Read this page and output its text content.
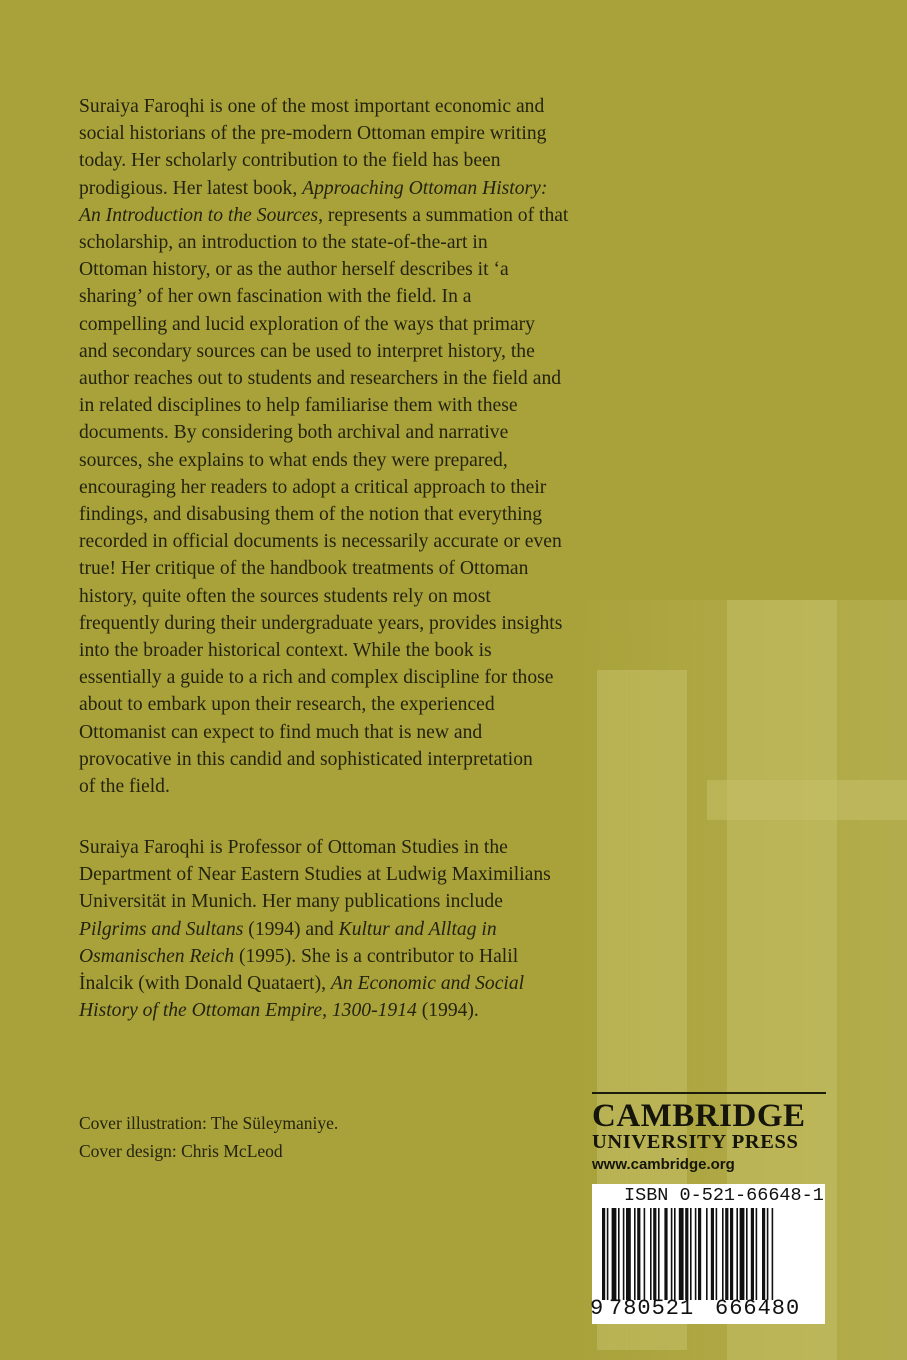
Suraiya Faroqhi is one of the most important economic and
social historians of the pre-modern Ottoman empire writing
today. Her scholarly contribution to the field has been
prodigious. Her latest book, Approaching Ottoman History:
An Introduction to the Sources, represents a summation of that
scholarship, an introduction to the state-of-the-art in
Ottoman history, or as the author herself describes it ‘a
sharing’ of her own fascination with the field. In a
compelling and lucid exploration of the ways that primary
and secondary sources can be used to interpret history, the
author reaches out to students and researchers in the field and
in related disciplines to help familiarise them with these
documents. By considering both archival and narrative
sources, she explains to what ends they were prepared,
encouraging her readers to adopt a critical approach to their
findings, and disabusing them of the notion that everything
recorded in official documents is necessarily accurate or even
true! Her critique of the handbook treatments of Ottoman
history, quite often the sources students rely on most
frequently during their undergraduate years, provides insights
into the broader historical context. While the book is
essentially a guide to a rich and complex discipline for those
about to embark upon their research, the experienced
Ottomanist can expect to find much that is new and
provocative in this candid and sophisticated interpretation
of the field.
Suraiya Faroqhi is Professor of Ottoman Studies in the
Department of Near Eastern Studies at Ludwig Maximilians
Universität in Munich. Her many publications include
Pilgrims and Sultans (1994) and Kultur and Alltag in
Osmanischen Reich (1995). She is a contributor to Halil
İnalcik (with Donald Quataert), An Economic and Social
History of the Ottoman Empire, 1300-1914 (1994).
Cover illustration: The Süleymaniye.
Cover design: Chris McLeod
CAMBRIDGE
UNIVERSITY PRESS
www.cambridge.org
ISBN 0-521-66648-1
9 780521 666480
